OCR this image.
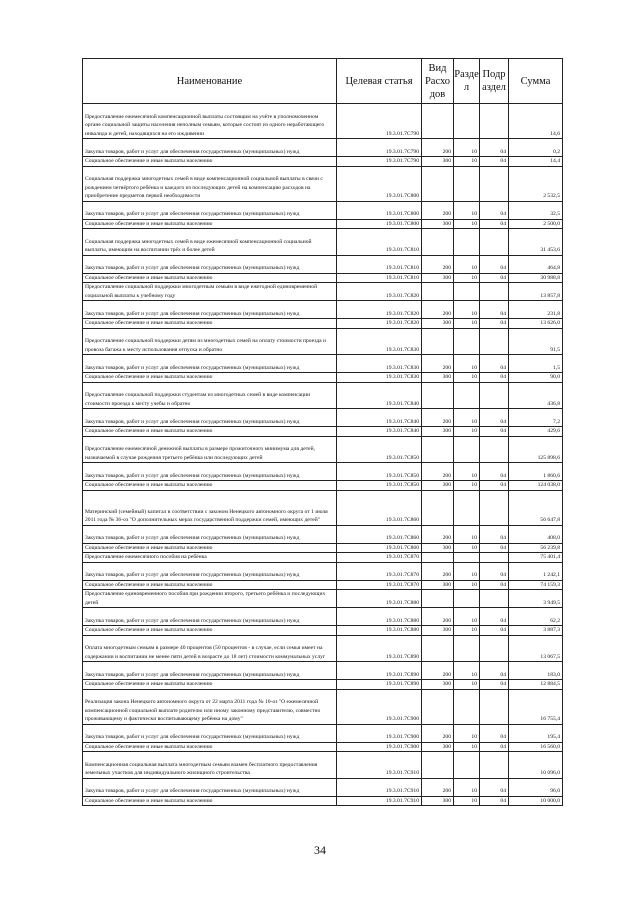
Наименование	Целевая статья	Вид Расхо дов	Разде л	Подр аздел	Сумма
Предоставление ежемесячной компенсационной выплаты состоящим на учёте в уполномоченном органе социальной защиты населения неполным семьям, которые состоят из одного неработающего инвалида и детей, находящихся на его иждивении	19.3.01.7С790				14,6
Закупка товаров, работ и услуг для обеспечения государственных (муниципальных) нужд	19.3.01.7С790	200	10	04	0,2
Социальное обеспечение и иные выплаты населению	19.3.01.7С790	300	10	04	14,4
Социальная поддержка многодетных семей в виде компенсационной социальной выплаты в связи с рождением четвёртого ребёнка и каждого из последующих детей на компенсацию расходов на приобретение предметов первой необходимости	19.3.01.7С800				2 532,5
Закупка товаров, работ и услуг для обеспечения государственных (муниципальных) нужд	19.3.01.7С800	200	10	04	32,5
Социальное обеспечение и иные выплаты населению	19.3.01.7С800	300	10	04	2 500,0
Социальная поддержка многодетных семей в виде ежемесячной компенсационной социальной выплаты, имеющим на воспитании трёх и более детей	19.3.01.7С810				31 453,6
Закупка товаров, работ и услуг для обеспечения государственных (муниципальных) нужд	19.3.01.7С810	200	10	04	464,8
Социальное обеспечение и иные выплаты населению	19.3.01.7С810	300	10	04	30 988,8
Предоставление социальной поддержки многодетным семьям в виде ежегодной единовременной социальной выплаты к учебному году	19.3.01.7С820				13 857,8
Закупка товаров, работ и услуг для обеспечения государственных (муниципальных) нужд	19.3.01.7С820	200	10	04	231,8
Социальное обеспечение и иные выплаты населению	19.3.01.7С820	300	10	04	13 626,0
Предоставление социальной поддержки детям из многодетных семей на оплату стоимости проезда и провоза багажа к месту использования отпуска и обратно	19.3.01.7С830				91,5
Закупка товаров, работ и услуг для обеспечения государственных (муниципальных) нужд	19.3.01.7С830	200	10	04	1,5
Социальное обеспечение и иные выплаты населению	19.3.01.7С830	300	10	04	90,0
Предоставление социальной поддержки студентам из многодетных семей в виде компенсации стоимости проезда к месту учебы и обратно	19.3.01.7С840				436,8
Закупка товаров, работ и услуг для обеспечения государственных (муниципальных) нужд	19.3.01.7С840	200	10	04	7,2
Социальное обеспечение и иные выплаты населению	19.3.01.7С840	300	10	04	429,6
Предоставление ежемесячной денежной выплаты в размере прожиточного минимума для детей, назначаемой в случае рождения третьего ребёнка или последующих детей	19.3.01.7С850				125 898,6
Закупка товаров, работ и услуг для обеспечения государственных (муниципальных) нужд	19.3.01.7С850	200	10	04	1 860,6
Социальное обеспечение и иные выплаты населению	19.3.01.7С850	300	10	04	124 038,0
Материнский (семейный) капитал в соответствии с законом Ненецкого автономного округа от 1 июля 2011 года № 36-оз "О дополнительных мерах государственной поддержки семей, имеющих детей"	19.3.01.7С860				56 647,8
Закупка товаров, работ и услуг для обеспечения государственных (муниципальных) нужд	19.3.01.7С860	200	10	04	408,0
Социальное обеспечение и иные выплаты населению	19.3.01.7С860	300	10	04	56 239,8
Предоставление ежемесячного пособия на ребёнка	19.3.01.7С870				75 401,4
Закупка товаров, работ и услуг для обеспечения государственных (муниципальных) нужд	19.3.01.7С870	200	10	04	1 242,1
Социальное обеспечение и иные выплаты населению	19.3.01.7С870	300	10	04	74 159,3
Предоставление единовременного пособия при рождении второго, третьего ребёнка и последующих детей	19.3.01.7С880				3 949,5
Закупка товаров, работ и услуг для обеспечения государственных (муниципальных) нужд	19.3.01.7С880	200	10	04	62,2
Социальное обеспечение и иные выплаты населению	19.3.01.7С880	300	10	04	3 887,3
Оплата многодетным семьям в размере 40 процентов (50 процентов - в случае, если семья имеет на содержании и воспитании не менее пяти детей в возрасте до 18 лет) стоимости коммунальных услуг	19.3.01.7С890				13 067,5
Закупка товаров, работ и услуг для обеспечения государственных (муниципальных) нужд	19.3.01.7С890	200	10	04	183,0
Социальное обеспечение и иные выплаты населению	19.3.01.7С890	300	10	04	12 884,5
Реализация закона Ненецкого автономного округа от 22 марта 2011 года № 10-оз "О ежемесячной компенсационной социальной выплате родителю или иному законному представителю, совместно проживающему и фактически воспитывающему ребёнка на дому"	19.3.01.7С900				16 755,4
Закупка товаров, работ и услуг для обеспечения государственных (муниципальных) нужд	19.3.01.7С900	200	10	04	195,4
Социальное обеспечение и иные выплаты населению	19.3.01.7С900	300	10	04	16 560,0
Компенсационная социальная выплата многодетным семьям взамен бесплатного предоставления земельных участков для индивидуального жилищного строительства	19.3.01.7С910				10 096,0
Закупка товаров, работ и услуг для обеспечения государственных (муниципальных) нужд	19.3.01.7С910	200	10	04	96,0
Социальное обеспечение и иные выплаты населению	19.3.01.7С910	300	10	04	10 000,0
34
